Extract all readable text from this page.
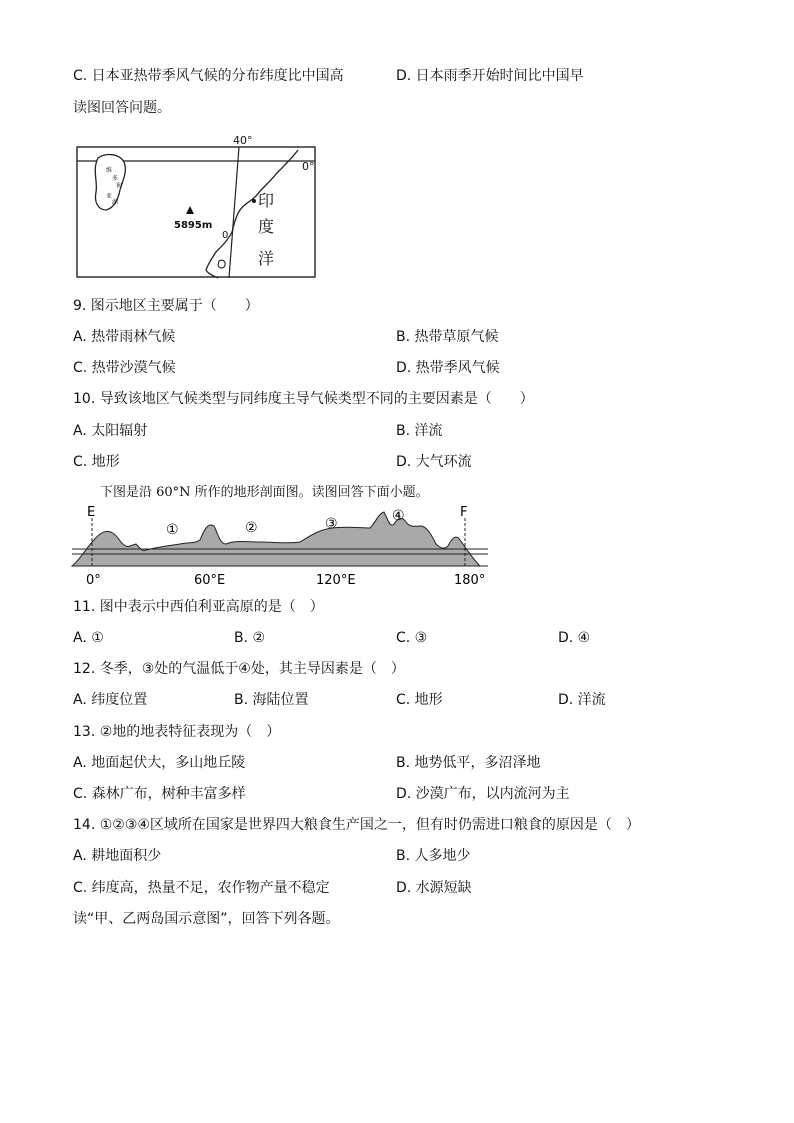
C. 日本亚热带季风气候的分布纬度比中国高	D. 日本雨季开始时间比中国早
读图回答问题。
40°
0°
维
多
利
亚
湖
5895m
0
印
度
洋
9. 图示地区主要属于（　　）
A. 热带雨林气候	B. 热带草原气候
C. 热带沙漠气候	D. 热带季风气候
10. 导致该地区气候类型与同纬度主导气候类型不同的主要因素是（　　）
A. 太阳辐射	B. 洋流
C. 地形	D. 大气环流
下图是沿 60°N 所作的地形剖面图。读图回答下面小题。
E	F
①	②	③	④
0°	60°E	120°E	180°
11. 图中表示中西伯利亚高原的是（　）
A. ①	B. ②	C. ③	D. ④
12. 冬季，③处的气温低于④处，其主导因素是（　）
A. 纬度位置	B. 海陆位置	C. 地形	D. 洋流
13. ②地的地表特征表现为（　）
A. 地面起伏大，多山地丘陵	B. 地势低平，多沼泽地
C. 森林广布，树种丰富多样	D. 沙漠广布，以内流河为主
14. ①②③④区域所在国家是世界四大粮食生产国之一，但有时仍需进口粮食的原因是（　）
A. 耕地面积少	B. 人多地少
C. 纬度高，热量不足，农作物产量不稳定	D. 水源短缺
读“甲、乙两岛国示意图”，回答下列各题。
